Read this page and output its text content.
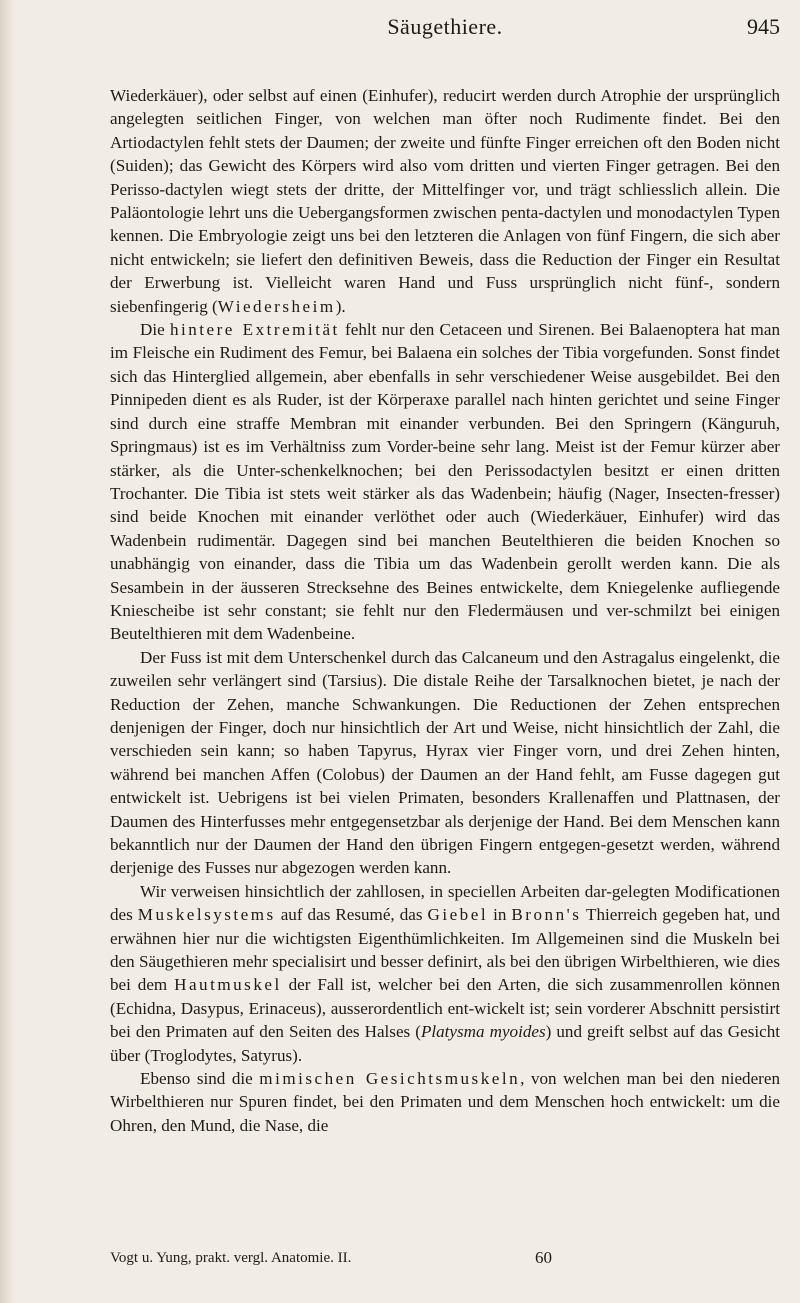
Säugethiere.	945

Wiederkäuer), oder selbst auf einen (Einhufer), reducirt werden durch Atrophie der ursprünglich angelegten seitlichen Finger, von welchen man öfter noch Rudimente findet. Bei den Artiodactylen fehlt stets der Daumen; der zweite und fünfte Finger erreichen oft den Boden nicht (Suiden); das Gewicht des Körpers wird also vom dritten und vierten Finger getragen. Bei den Perisso-dactylen wiegt stets der dritte, der Mittelfinger vor, und trägt schliesslich allein. Die Paläontologie lehrt uns die Uebergangsformen zwischen penta-dactylen und monodactylen Typen kennen. Die Embryologie zeigt uns bei den letzteren die Anlagen von fünf Fingern, die sich aber nicht entwickeln; sie liefert den definitiven Beweis, dass die Reduction der Finger ein Resultat der Erwerbung ist. Vielleicht waren Hand und Fuss ursprünglich nicht fünf-, sondern siebenfingerig (Wiedersheim).

Die hintere Extremität fehlt nur den Cetaceen und Sirenen. Bei Balaenoptera hat man im Fleische ein Rudiment des Femur, bei Balaena ein solches der Tibia vorgefunden. Sonst findet sich das Hinterglied allgemein, aber ebenfalls in sehr verschiedener Weise ausgebildet. Bei den Pinnipeden dient es als Ruder, ist der Körperaxe parallel nach hinten gerichtet und seine Finger sind durch eine straffe Membran mit einander verbunden. Bei den Springern (Känguruh, Springmaus) ist es im Verhältniss zum Vorder-beine sehr lang. Meist ist der Femur kürzer aber stärker, als die Unter-schenkelknochen; bei den Perissodactylen besitzt er einen dritten Trochanter. Die Tibia ist stets weit stärker als das Wadenbein; häufig (Nager, Insecten-fresser) sind beide Knochen mit einander verlöthet oder auch (Wiederkäuer, Einhufer) wird das Wadenbein rudimentär. Dagegen sind bei manchen Beutelthieren die beiden Knochen so unabhängig von einander, dass die Tibia um das Wadenbein gerollt werden kann. Die als Sesambein in der äusseren Strecksehne des Beines entwickelte, dem Kniegelenke aufliegende Kniescheibe ist sehr constant; sie fehlt nur den Fledermäusen und ver-schmilzt bei einigen Beutelthieren mit dem Wadenbeine.

Der Fuss ist mit dem Unterschenkel durch das Calcaneum und den Astragalus eingelenkt, die zuweilen sehr verlängert sind (Tarsius). Die distale Reihe der Tarsalknochen bietet, je nach der Reduction der Zehen, manche Schwankungen. Die Reductionen der Zehen entsprechen denjenigen der Finger, doch nur hinsichtlich der Art und Weise, nicht hinsichtlich der Zahl, die verschieden sein kann; so haben Tapyrus, Hyrax vier Finger vorn, und drei Zehen hinten, während bei manchen Affen (Colobus) der Daumen an der Hand fehlt, am Fusse dagegen gut entwickelt ist. Uebrigens ist bei vielen Primaten, besonders Krallenaffen und Plattnasen, der Daumen des Hinterfusses mehr entgegensetzbar als derjenige der Hand. Bei dem Menschen kann bekanntlich nur der Daumen der Hand den übrigen Fingern entgegen-gesetzt werden, während derjenige des Fusses nur abgezogen werden kann.

Wir verweisen hinsichtlich der zahllosen, in speciellen Arbeiten dar-gelegten Modificationen des Muskelsystems auf das Resumé, das Giebel in Bronn's Thierreich gegeben hat, und erwähnen hier nur die wichtigsten Eigenthümlichkeiten. Im Allgemeinen sind die Muskeln bei den Säugethieren mehr specialisirt und besser definirt, als bei den übrigen Wirbelthieren, wie dies bei dem Hautmuskel der Fall ist, welcher bei den Arten, die sich zusammenrollen können (Echidna, Dasypus, Erinaceus), ausserordentlich ent-wickelt ist; sein vorderer Abschnitt persistirt bei den Primaten auf den Seiten des Halses (Platysma myoides) und greift selbst auf das Gesicht über (Troglodytes, Satyrus).

Ebenso sind die mimischen Gesichtsmuskeln, von welchen man bei den niederen Wirbelthieren nur Spuren findet, bei den Primaten und dem Menschen hoch entwickelt: um die Ohren, den Mund, die Nase, die

Vogt u. Yung, prakt. vergl. Anatomie. II.	60
